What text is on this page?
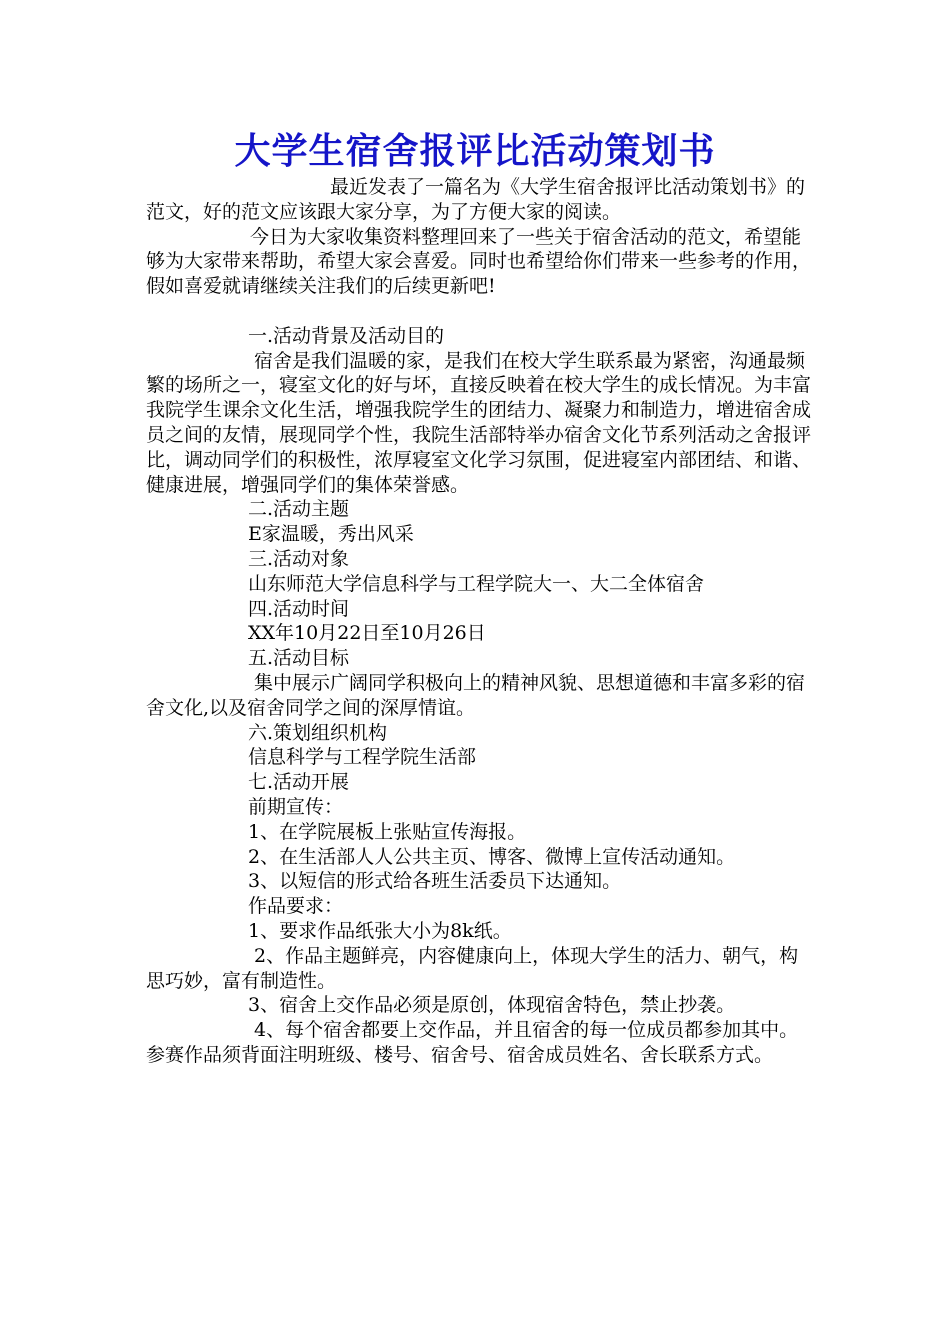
大学生宿舍报评比活动策划书

最近发表了一篇名为《大学生宿舍报评比活动策划书》的范文，好的范文应该跟大家分享，为了方便大家的阅读。

今日为大家收集资料整理回来了一些关于宿舍活动的范文，希望能够为大家带来帮助，希望大家会喜爱。同时也希望给你们带来一些参考的作用，假如喜爱就请继续关注我们的后续更新吧!

一.活动背景及活动目的

宿舍是我们温暖的家，是我们在校大学生联系最为紧密，沟通最频繁的场所之一，寝室文化的好与坏，直接反映着在校大学生的成长情况。为丰富我院学生课余文化生活，增强我院学生的团结力、凝聚力和制造力，增进宿舍成员之间的友情，展现同学个性，我院生活部特举办宿舍文化节系列活动之舍报评比，调动同学们的积极性，浓厚寝室文化学习氛围，促进寝室内部团结、和谐、健康进展，增强同学们的集体荣誉感。

二.活动主题

E家温暖，秀出风采

三.活动对象

山东师范大学信息科学与工程学院大一、大二全体宿舍

四.活动时间

XX年10月22日至10月26日

五.活动目标

集中展示广阔同学积极向上的精神风貌、思想道德和丰富多彩的宿舍文化,以及宿舍同学之间的深厚情谊。

六.策划组织机构

信息科学与工程学院生活部

七.活动开展

前期宣传：

1、在学院展板上张贴宣传海报。

2、在生活部人人公共主页、博客、微博上宣传活动通知。

3、以短信的形式给各班生活委员下达通知。

作品要求：

1、要求作品纸张大小为8k纸。

2、作品主题鲜亮，内容健康向上，体现大学生的活力、朝气，构思巧妙，富有制造性。

3、宿舍上交作品必须是原创，体现宿舍特色，禁止抄袭。

4、每个宿舍都要上交作品，并且宿舍的每一位成员都参加其中。参赛作品须背面注明班级、楼号、宿舍号、宿舍成员姓名、舍长联系方式。
